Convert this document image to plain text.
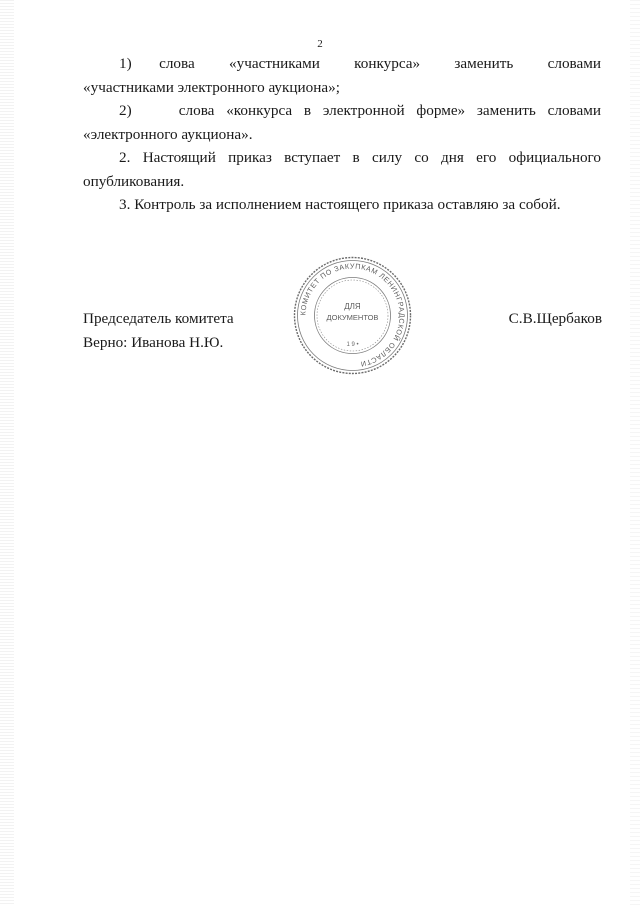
2

1)    слова     «участниками     конкурса»     заменить     словами «участниками электронного аукциона»;

2)    слова «конкурса в электронной форме» заменить словами «электронного аукциона».

2. Настоящий приказ вступает в силу со дня его официального опубликования.

3. Контроль за исполнением настоящего приказа оставляю за собой.

КОМИТЕТ ПО ЗАКУПКАМ ЛЕНИНГРАДСКОЙ ОБЛАСТИ
ДЛЯ
ДОКУМЕНТОВ
1 9 •
Председатель комитета
Верно: Иванова Н.Ю.
С.В.Щербаков
